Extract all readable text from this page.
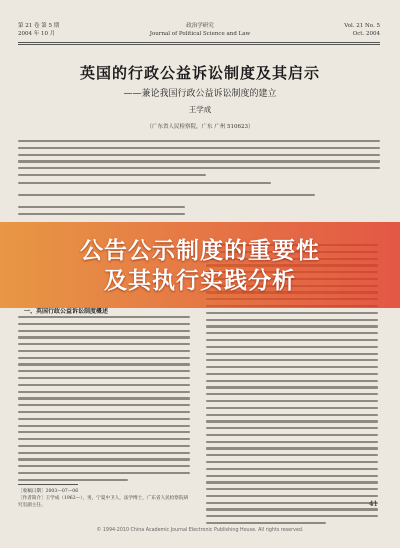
第 21 卷 第 5 期
2004 年 10 月
政治学研究
Journal of Political Science and Law
Vol. 21 No. 5
Oct. 2004
英国的行政公益诉讼制度及其启示
——兼论我国行政公益诉讼制度的建立
王学成
（广东省人民检察院，广东 广州 510623）
一、英国行政公益诉讼制度概述
公告公示制度的重要性
及其执行实践分析
［收稿日期］2003—07—06
［作者简介］王学成（1962—），男，宁夏中卫人，法学博士，广东省人民检察院研究室副主任。	41
© 1994-2010 China Academic Journal Electronic Publishing House. All rights reserved.
